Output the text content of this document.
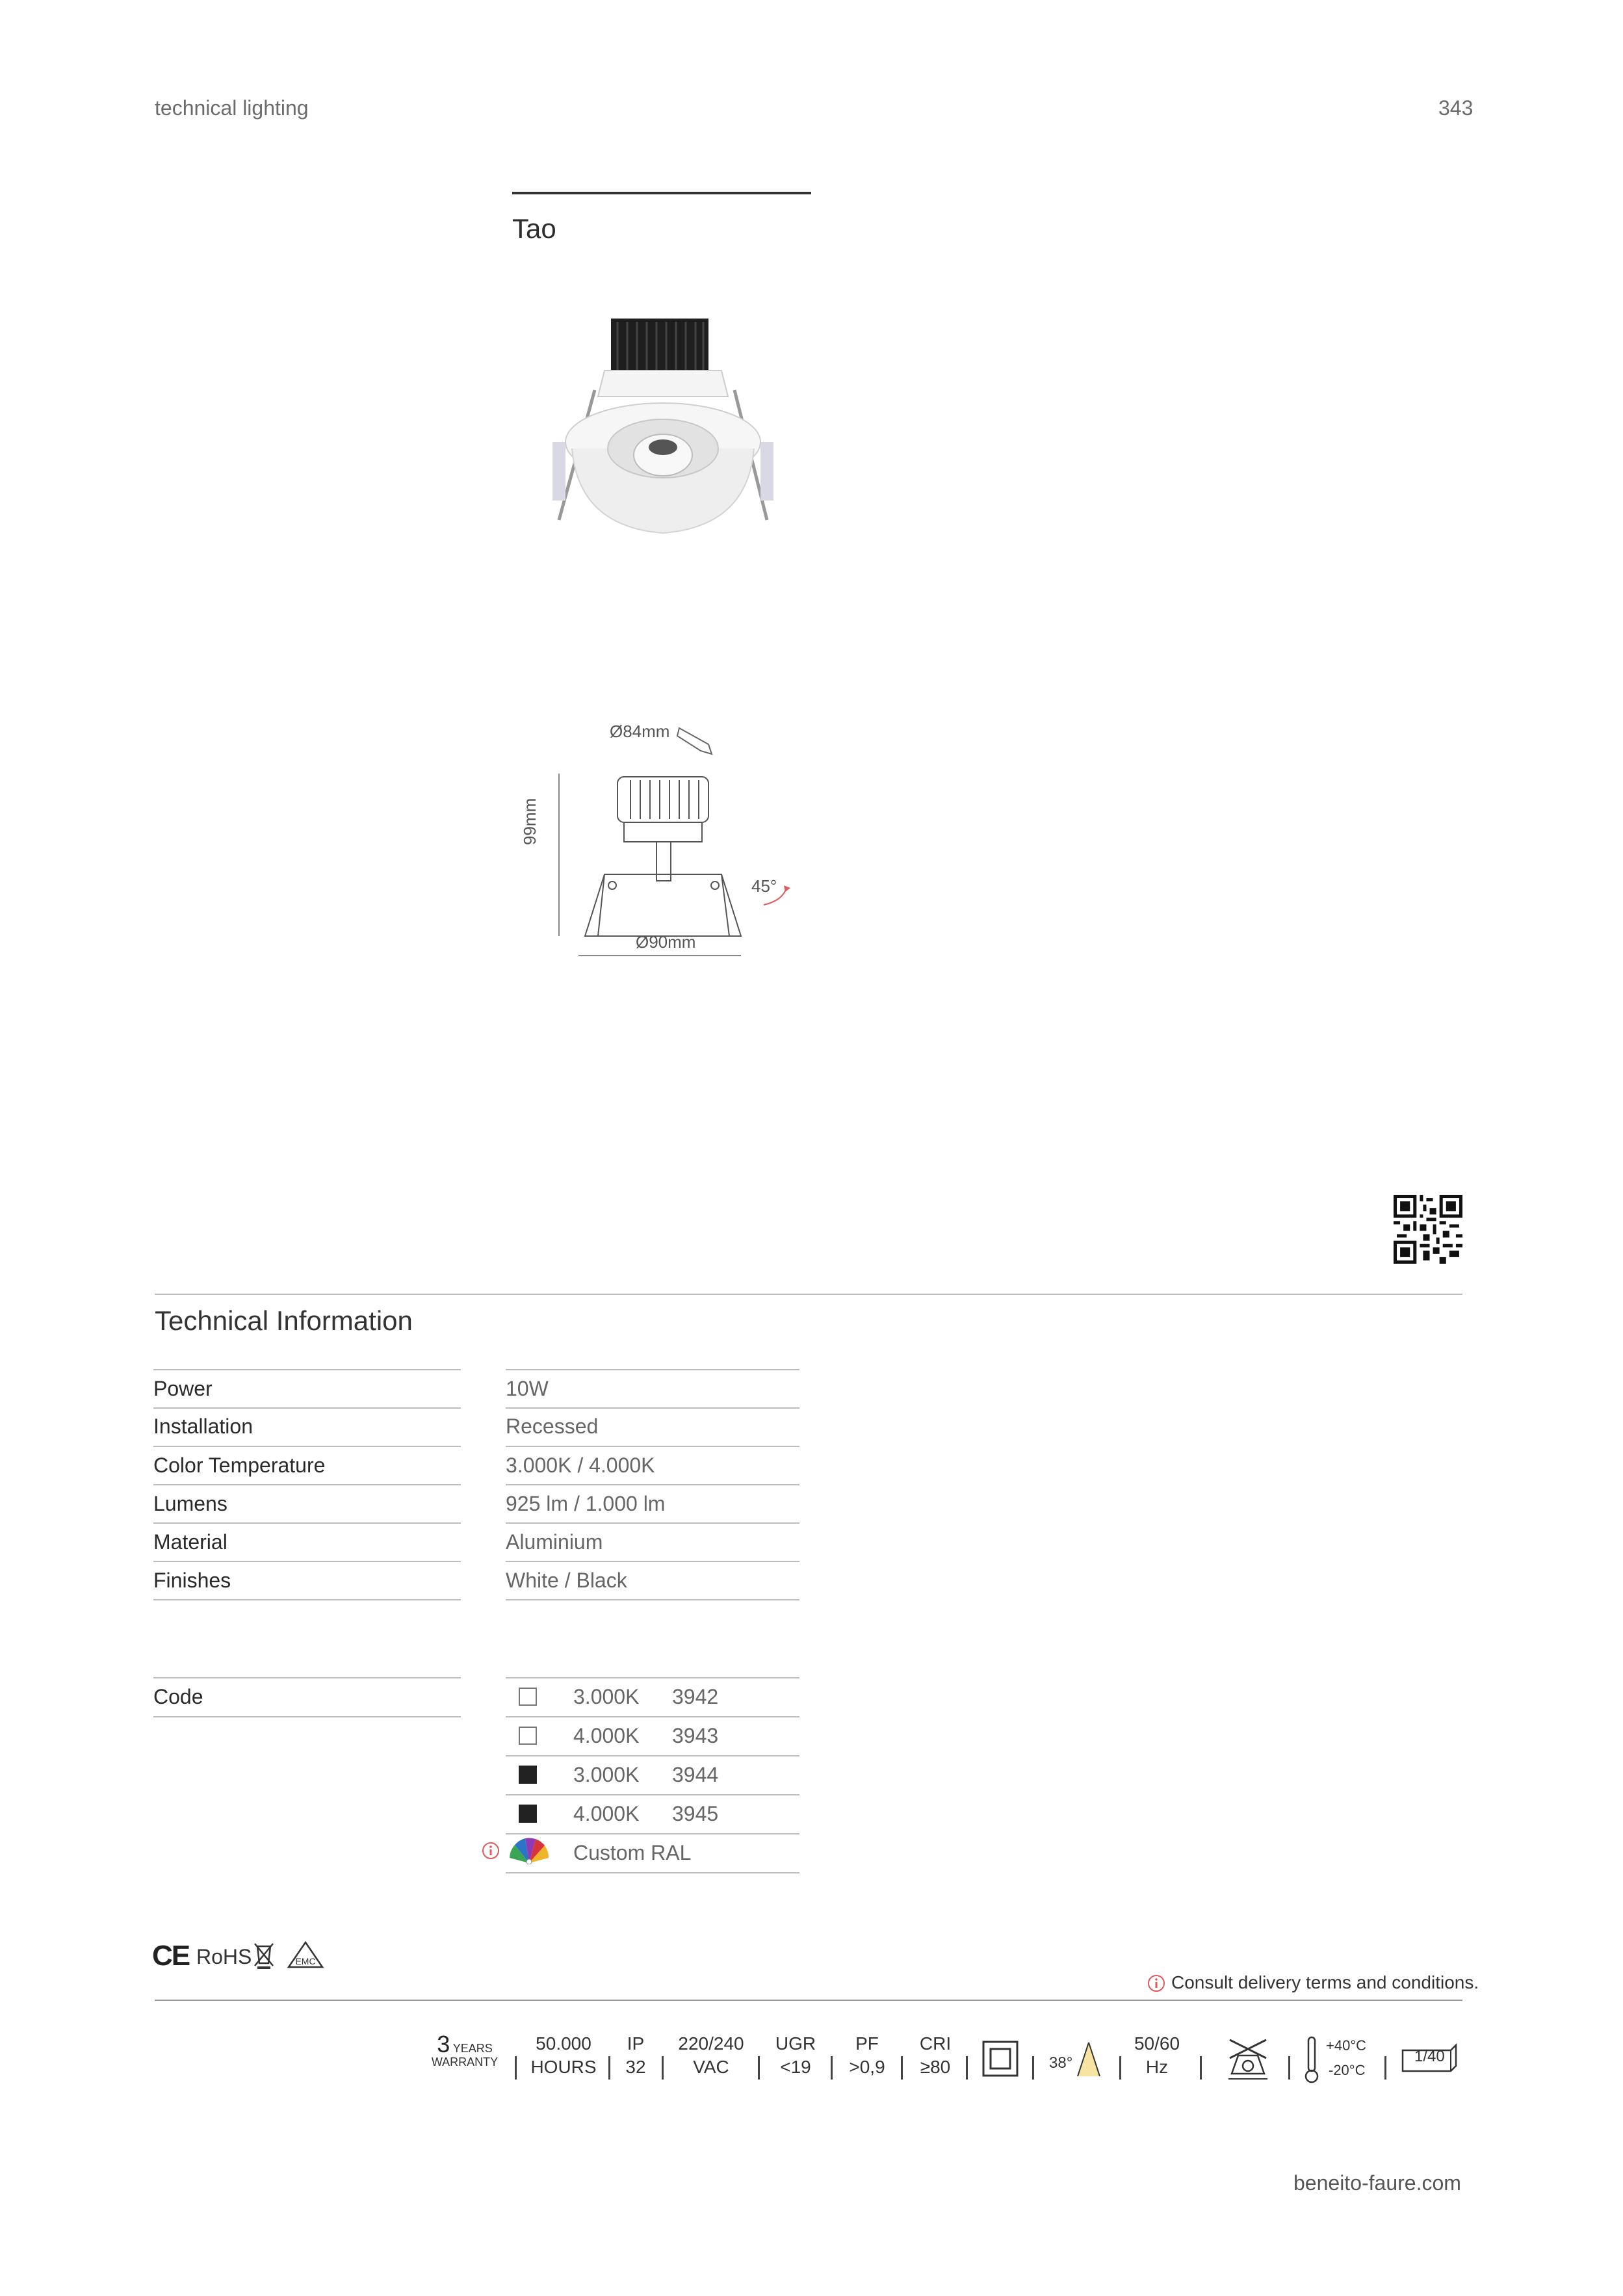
technical lighting	343
Tao
Ø84mm
99mm
45°
Ø90mm
Technical Information
Power	10W
Installation	Recessed
Color Temperature	3.000K / 4.000K
Lumens	925 lm / 1.000 lm
Material	Aluminium
Finishes	White / Black
Code	3.000K 3942
4.000K 3943
3.000K 3944
4.000K 3945
Custom RAL
CE RoHS	EMC
Consult delivery terms and conditions.
3 YEARS
WARRANTY
50.000
HOURS
IP
32
220/240
VAC
UGR
<19
PF
>0,9
CRI
≥80	38°
50/60
Hz
+40°C
-20°C
1/40
beneito-faure.com
